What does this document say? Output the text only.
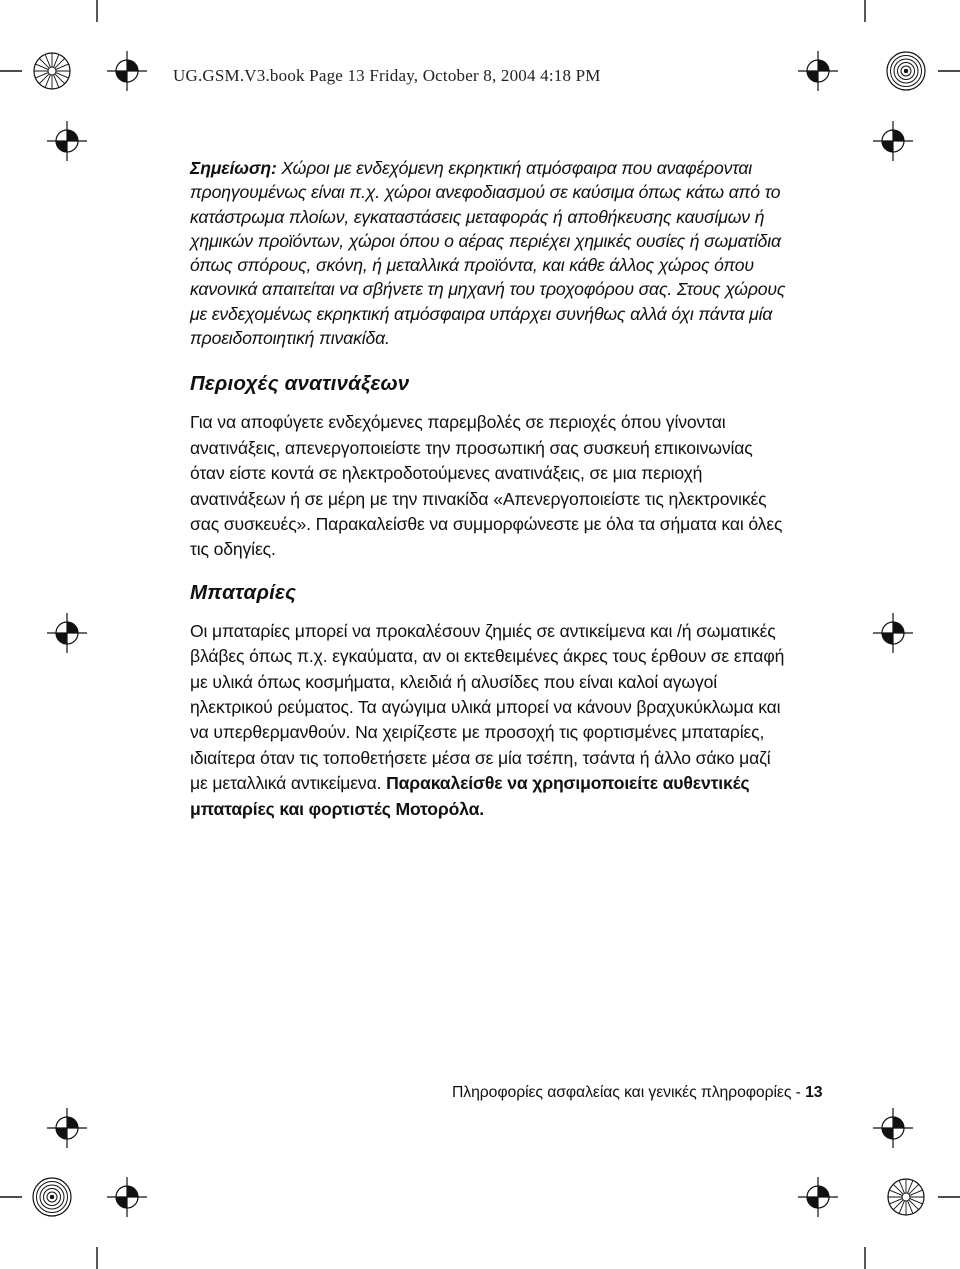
UG.GSM.V3.book Page 13 Friday, October 8, 2004 4:18 PM

Σημείωση: Χώροι με ενδεχόμενη εκρηκτική ατμόσφαιρα που αναφέρονται προηγουμένως είναι π.χ. χώροι ανεφοδιασμού σε καύσιμα όπως κάτω από το κατάστρωμα πλοίων, εγκαταστάσεις μεταφοράς ή αποθήκευσης καυσίμων ή χημικών προϊόντων, χώροι όπου ο αέρας περιέχει χημικές ουσίες ή σωματίδια όπως σπόρους, σκόνη, ή μεταλλικά προϊόντα, και κάθε άλλος χώρος όπου κανονικά απαιτείται να σβήνετε τη μηχανή του τροχοφόρου σας. Στους χώρους με ενδεχομένως εκρηκτική ατμόσφαιρα υπάρχει συνήθως αλλά όχι πάντα μία προειδοποιητική πινακίδα.

Περιοχές ανατινάξεων

Για να αποφύγετε ενδεχόμενες παρεμβολές σε περιοχές όπου γίνονται ανατινάξεις, απενεργοποιείστε την προσωπική σας συσκευή επικοινωνίας όταν είστε κοντά σε ηλεκτροδοτούμενες ανατινάξεις, σε μια περιοχή ανατινάξεων ή σε μέρη με την πινακίδα «Απενεργοποιείστε τις ηλεκτρονικές σας συσκευές». Παρακαλείσθε να συμμορφώνεστε με όλα τα σήματα και όλες τις οδηγίες.

Μπαταρίες

Οι μπαταρίες μπορεί να προκαλέσουν ζημιές σε αντικείμενα και /ή σωματικές βλάβες όπως π.χ. εγκαύματα, αν οι εκτεθειμένες άκρες τους έρθουν σε επαφή με υλικά όπως κοσμήματα, κλειδιά ή αλυσίδες που είναι καλοί αγωγοί ηλεκτρικού ρεύματος. Τα αγώγιμα υλικά μπορεί να κάνουν βραχυκύκλωμα και να υπερθερμανθούν. Να χειρίζεστε με προσοχή τις φορτισμένες μπαταρίες, ιδιαίτερα όταν τις τοποθετήσετε μέσα σε μία τσέπη, τσάντα ή άλλο σάκο μαζί με μεταλλικά αντικείμενα. Παρακαλείσθε να χρησιμοποιείτε αυθεντικές μπαταρίες και φορτιστές Μοτορόλα.

Πληροφορίες ασφαλείας και γενικές πληροφορίες - 13
